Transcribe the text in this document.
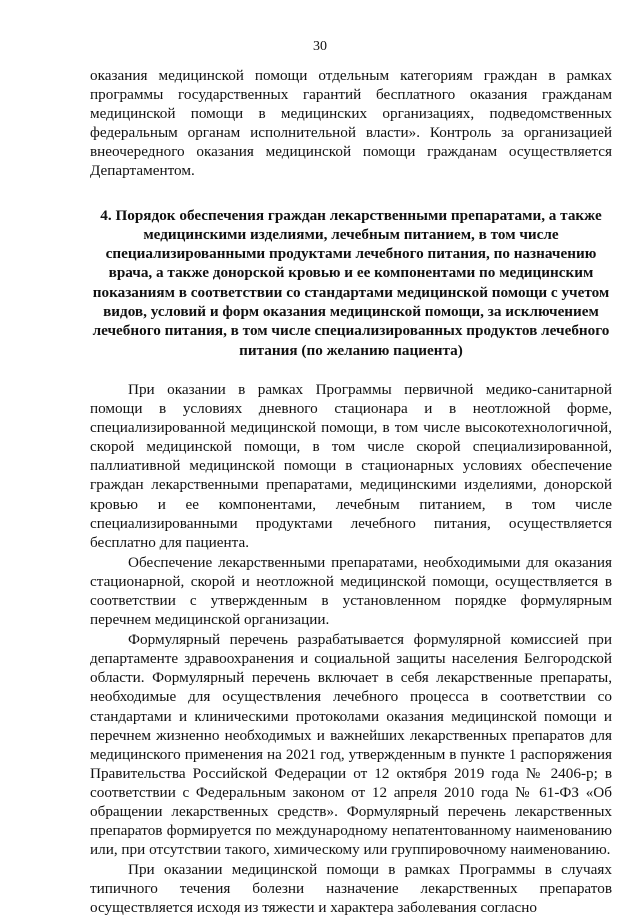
30

оказания медицинской помощи отдельным категориям граждан в рамках программы государственных гарантий бесплатного оказания гражданам медицинской помощи в медицинских организациях, подведомственных федеральным органам исполнительной власти». Контроль за организацией внеочередного оказания медицинской помощи гражданам осуществляется Департаментом.

4. Порядок обеспечения граждан лекарственными препаратами, а также медицинскими изделиями, лечебным питанием, в том числе специализированными продуктами лечебного питания, по назначению врача, а также донорской кровью и ее компонентами по медицинским показаниям в соответствии со стандартами медицинской помощи с учетом видов, условий и форм оказания медицинской помощи, за исключением лечебного питания, в том числе специализированных продуктов лечебного питания (по желанию пациента)

При оказании в рамках Программы первичной медико-санитарной помощи в условиях дневного стационара и в неотложной форме, специализированной медицинской помощи, в том числе высокотехнологичной, скорой медицинской помощи, в том числе скорой специализированной, паллиативной медицинской помощи в стационарных условиях обеспечение граждан лекарственными препаратами, медицинскими изделиями, донорской кровью и ее компонентами, лечебным питанием, в том числе специализированными продуктами лечебного питания, осуществляется бесплатно для пациента.

Обеспечение лекарственными препаратами, необходимыми для оказания стационарной, скорой и неотложной медицинской помощи, осуществляется в соответствии с утвержденным в установленном порядке формулярным перечнем медицинской организации.

Формулярный перечень разрабатывается формулярной комиссией при департаменте здравоохранения и социальной защиты населения Белгородской области. Формулярный перечень включает в себя лекарственные препараты, необходимые для осуществления лечебного процесса в соответствии со стандартами и клиническими протоколами оказания медицинской помощи и перечнем жизненно необходимых и важнейших лекарственных препаратов для медицинского применения на 2021 год, утвержденным в пункте 1 распоряжения Правительства Российской Федерации от 12 октября 2019 года № 2406-р; в соответствии с Федеральным законом от 12 апреля 2010 года № 61-ФЗ «Об обращении лекарственных средств». Формулярный перечень лекарственных препаратов формируется по международному непатентованному наименованию или, при отсутствии такого, химическому или группировочному наименованию.

При оказании медицинской помощи в рамках Программы в случаях типичного течения болезни назначение лекарственных препаратов осуществляется исходя из тяжести и характера заболевания согласно
